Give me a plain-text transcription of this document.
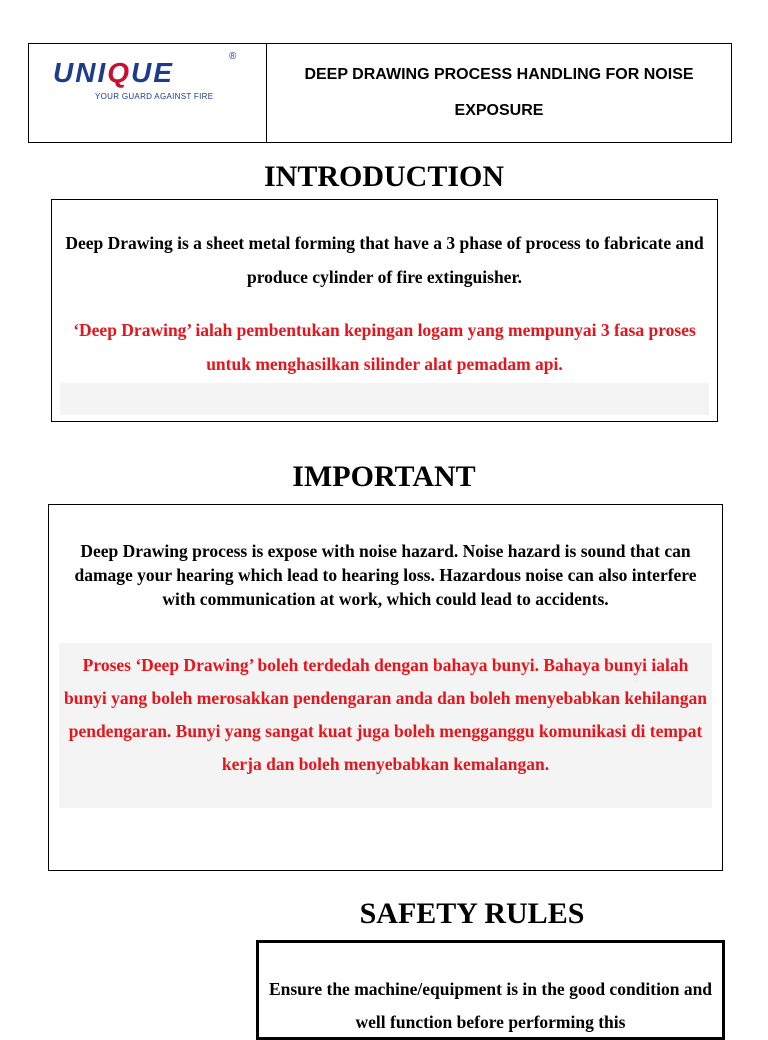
UNIQUE
®
YOUR GUARD AGAINST FIRE
DEEP DRAWING PROCESS HANDLING FOR NOISE EXPOSURE
INTRODUCTION

Deep Drawing is a sheet metal forming that have a 3 phase of process to fabricate and produce cylinder of fire extinguisher.

‘Deep Drawing’ ialah pembentukan kepingan logam yang mempunyai 3 fasa proses untuk menghasilkan silinder alat pemadam api.

IMPORTANT

Deep Drawing process is expose with noise hazard. Noise hazard is sound that can damage your hearing which lead to hearing loss. Hazardous noise can also interfere with communication at work, which could lead to accidents.

Proses ‘Deep Drawing’ boleh terdedah dengan bahaya bunyi. Bahaya bunyi ialah bunyi yang boleh merosakkan pendengaran anda dan boleh menyebabkan kehilangan pendengaran. Bunyi yang sangat kuat juga boleh mengganggu komunikasi di tempat kerja dan boleh menyebabkan kemalangan.

SAFETY RULES

Ensure the machine/equipment is in the good condition and well function before performing this
